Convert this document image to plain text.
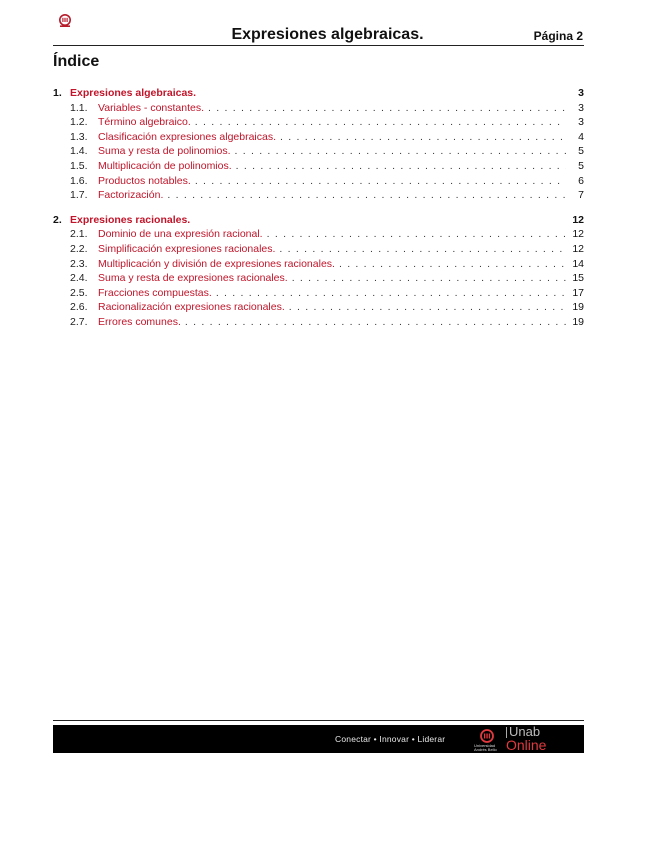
Expresiones algebraicas.	Página 2
Índice
1. Expresiones algebraicas.	3
1.1. Variables - constantes. . . .	3
1.2. Término algebraico. . . .	3
1.3. Clasificación expresiones algebraicas. . . .	4
1.4. Suma y resta de polinomios. . . .	5
1.5. Multiplicación de polinomios. . . .	5
1.6. Productos notables. . . .	6
1.7. Factorización. . . .	7
2. Expresiones racionales.	12
2.1. Dominio de una expresión racional. . . .	12
2.2. Simplificación expresiones racionales. . . .	12
2.3. Multiplicación y división de expresiones racionales. . . .	14
2.4. Suma y resta de expresiones racionales. . . .	15
2.5. Fracciones compuestas. . . .	17
2.6. Racionalización expresiones racionales. . . .	19
2.7. Errores comunes. . . .	19
Conectar • Innovar • Liderar
Universidad Andrés Bello
Unab
Online
